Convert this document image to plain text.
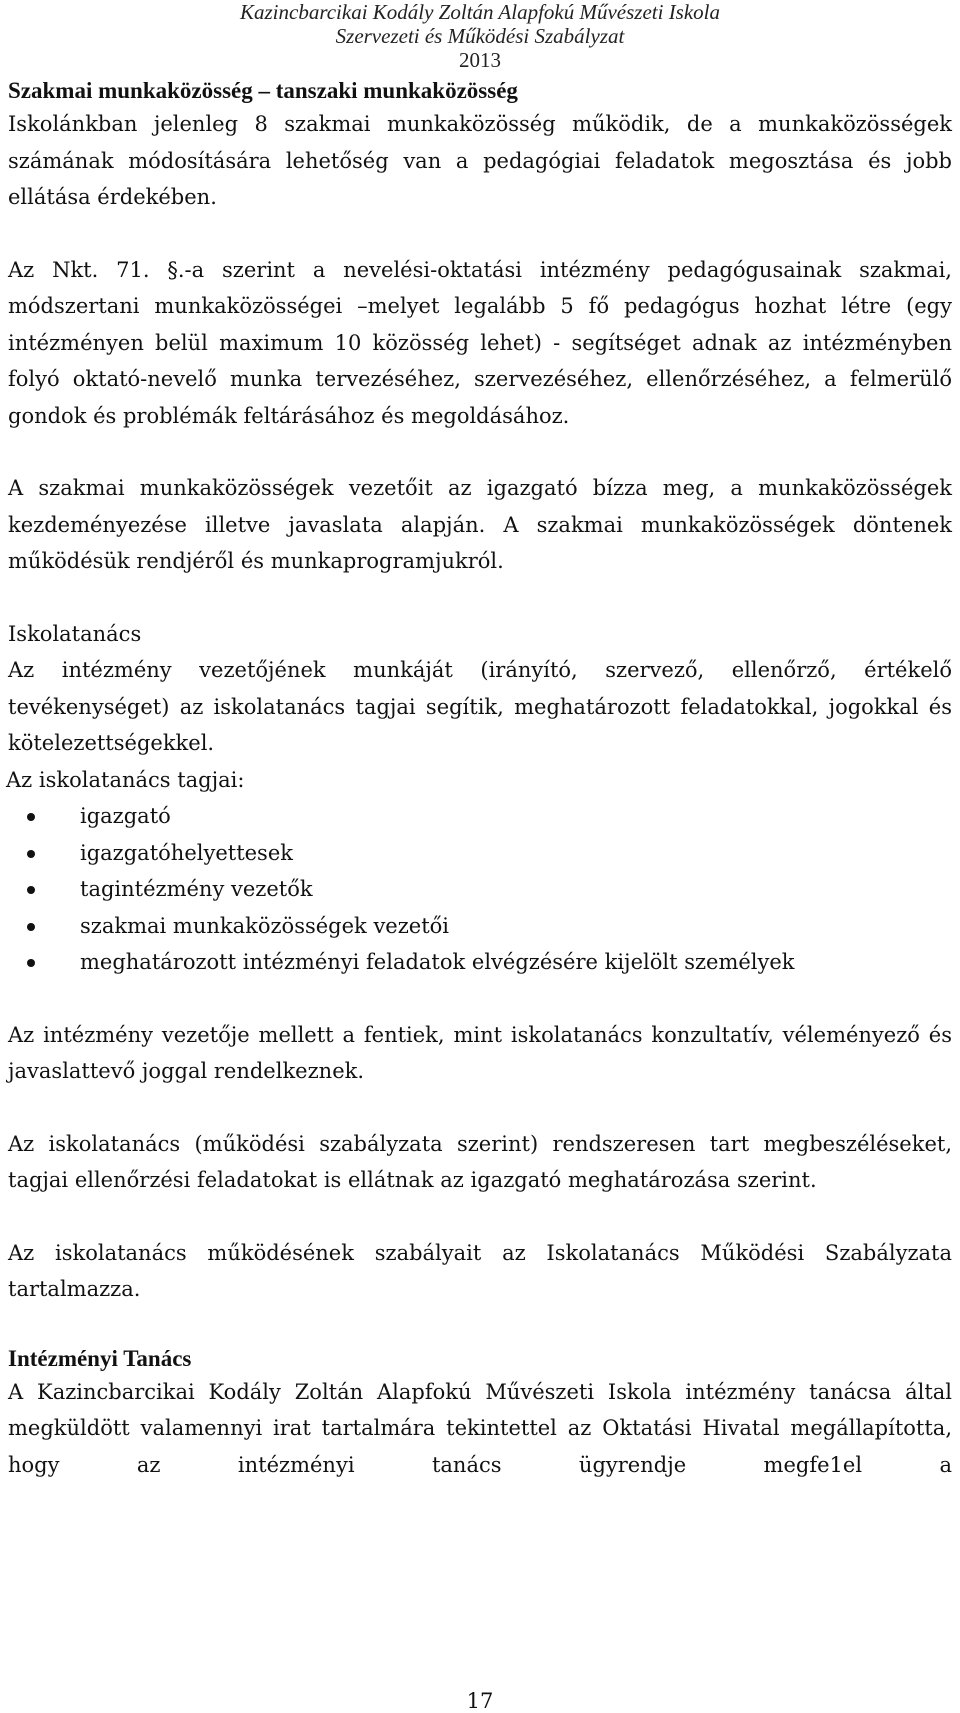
Kazincbarcikai Kodály Zoltán Alapfokú Művészeti Iskola
Szervezeti és Működési Szabályzat
2013

Szakmai munkaközösség – tanszaki munkaközösség

Iskolánkban jelenleg 8 szakmai munkaközösség működik, de a munkaközösségek számának módosítására lehetőség van a pedagógiai feladatok megosztása és jobb ellátása érdekében.

Az Nkt. 71. §.-a szerint a nevelési-oktatási intézmény pedagógusainak szakmai, módszertani munkaközösségei –melyet legalább 5 fő pedagógus hozhat létre (egy intézményen belül maximum 10 közösség lehet) - segítséget adnak az intézményben folyó oktató-nevelő munka tervezéséhez, szervezéséhez, ellenőrzéséhez, a felmerülő gondok és problémák feltárásához és megoldásához.

A szakmai munkaközösségek vezetőit az igazgató bízza meg, a munkaközösségek kezdeményezése illetve javaslata alapján. A szakmai munkaközösségek döntenek működésük rendjéről és munkaprogramjukról.

Iskolatanács

Az intézmény vezetőjének munkáját (irányító, szervező, ellenőrző, értékelő tevékenységet) az iskolatanács tagjai segítik, meghatározott feladatokkal, jogokkal és kötelezettségekkel.

Az iskolatanács tagjai:

igazgató
igazgatóhelyettesek
tagintézmény vezetők
szakmai munkaközösségek vezetői
meghatározott intézményi feladatok elvégzésére kijelölt személyek

Az intézmény vezetője mellett a fentiek, mint iskolatanács konzultatív, véleményező és javaslattevő joggal rendelkeznek.

Az iskolatanács (működési szabályzata szerint) rendszeresen tart megbeszéléseket, tagjai ellenőrzési feladatokat is ellátnak az igazgató meghatározása szerint.

Az iskolatanács működésének szabályait az Iskolatanács Működési Szabályzata tartalmazza.

Intézményi Tanács

A Kazincbarcikai Kodály Zoltán Alapfokú Művészeti Iskola intézmény tanácsa által megküldött valamennyi irat tartalmára tekintettel az Oktatási Hivatal megállapította, hogy az intézményi tanács ügyrendje megfe1el a

17
